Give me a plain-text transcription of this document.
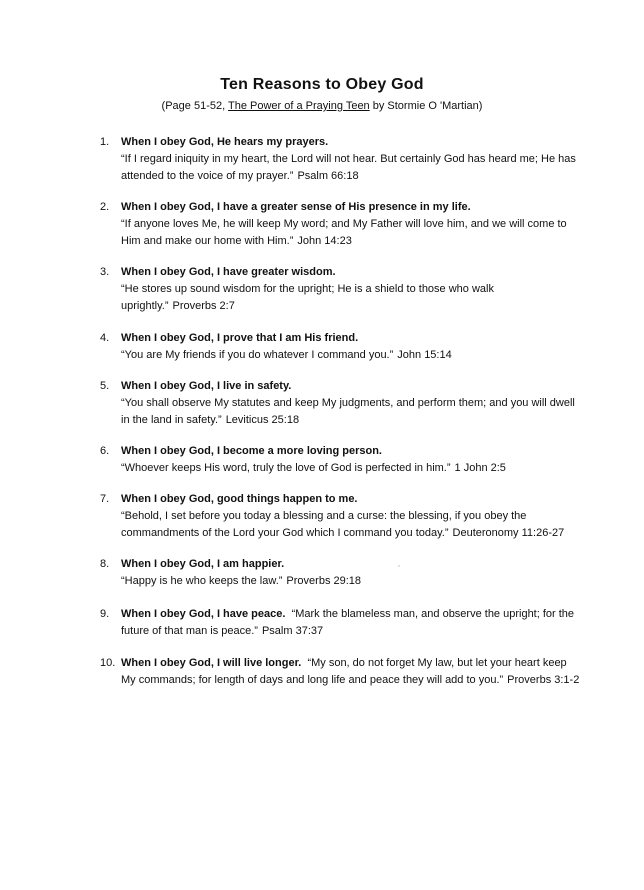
Ten Reasons to Obey God
(Page 51-52, The Power of a Praying Teen by Stormie O 'Martian)
1.	When I obey God, He hears my prayers.
“If I regard iniquity in my heart, the Lord will not hear. But certainly God has heard me; He has attended to the voice of my prayer.” Psalm 66:18
2.	When I obey God, I have a greater sense of His presence in my life.
“If anyone loves Me, he will keep My word; and My Father will love him, and we will come to Him and make our home with Him.” John 14:23
3.	When I obey God, I have greater wisdom.
“He stores up sound wisdom for the upright; He is a shield to those who walk uprightly.” Proverbs 2:7
4.	When I obey God, I prove that I am His friend.
“You are My friends if you do whatever I command you.” John 15:14
5.	When I obey God, I live in safety.
“You shall observe My statutes and keep My judgments, and perform them; and you will dwell in the land in safety.” Leviticus 25:18
6.	When I obey God, I become a more loving person.
“Whoever keeps His word, truly the love of God is perfected in him.” 1 John 2:5
7.	When I obey God, good things happen to me.
“Behold, I set before you today a blessing and a curse: the blessing, if you obey the commandments of the Lord your God which I command you today.” Deuteronomy 11:26-27
8.	When I obey God, I am happier.
“Happy is he who keeps the law.” Proverbs 29:18
9.	When I obey God, I have peace. “Mark the blameless man, and observe the upright; for the future of that man is peace.” Psalm 37:37
10. When I obey God, I will live longer. “My son, do not forget My law, but let your heart keep My commands; for length of days and long life and peace they will add to you.” Proverbs 3:1-2
